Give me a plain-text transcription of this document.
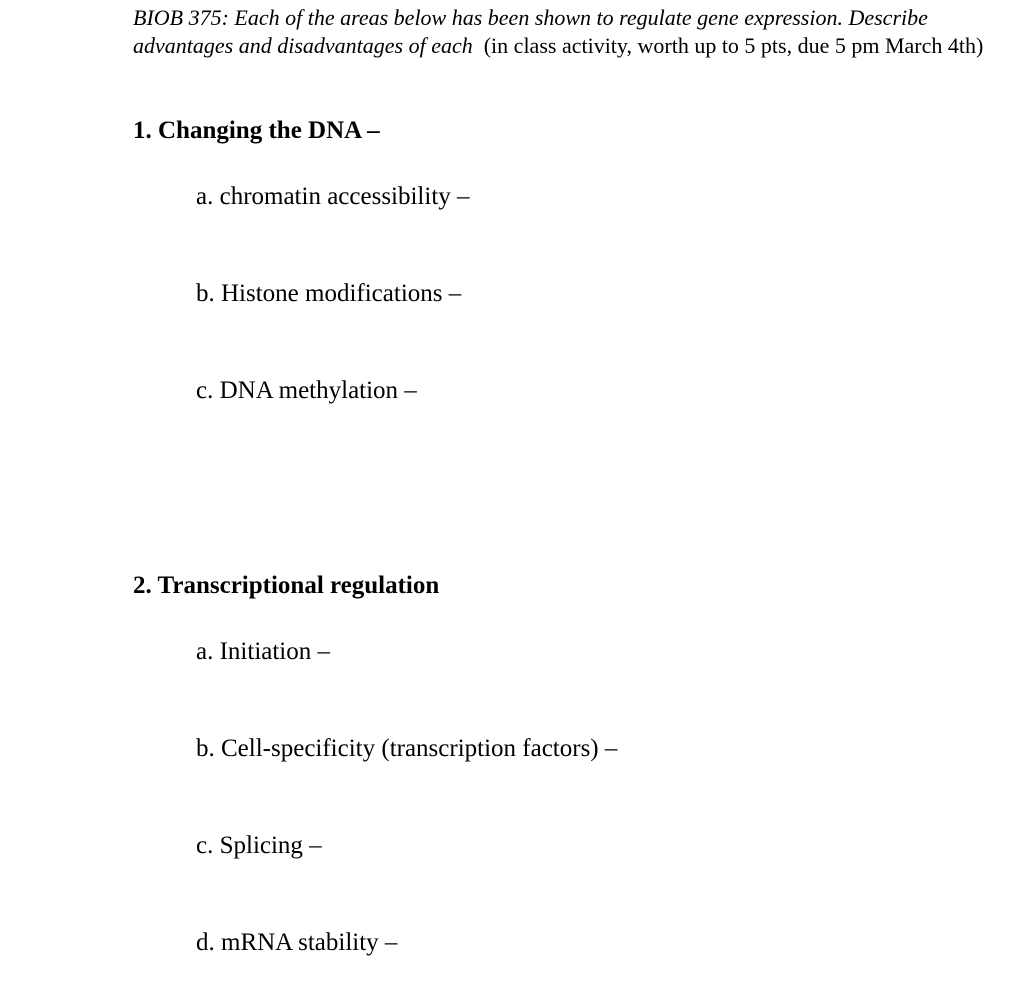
BIOB 375: Each of the areas below has been shown to regulate gene expression. Describe
advantages and disadvantages of each  (in class activity, worth up to 5 pts, due 5 pm March 4th)
1. Changing the DNA –
a. chromatin accessibility –
b. Histone modifications –
c. DNA methylation –
2. Transcriptional regulation
a. Initiation –
b. Cell-specificity (transcription factors) –
c. Splicing –
d. mRNA stability –
